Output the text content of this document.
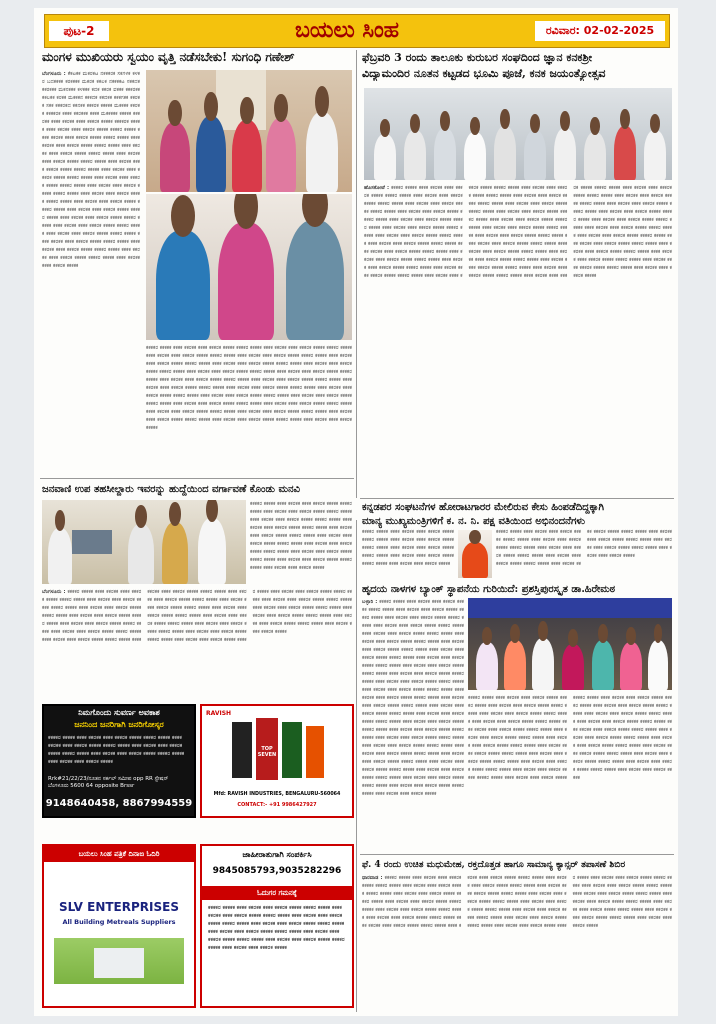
ಪುಟ-2	ಬಯಲು ಸಿಂಹ	ರವಿವಾರ: 02-02-2025
ಮಂಗಳ ಮುಖಿಯರು ಸ್ವಯಂ ವೃತ್ತಿ ನಡೆಸಬೇಕು! ಸುಗಂಧಿ ಗಣೇಶ್
ಬೆಂಗಳೂರು : ಕೆಕಟಕಕ ಮಕರಕಟ ನಕಕಕರಕ ಸಕಗಳಕ ಕಳಕರ ಬದಕಕಕಕ ಕರಕಕಕಕ ಮಕರಕ ಕಕಲಕ ನಕಕಕಕಟ ಸಕಕದಕ ಕಕರಕಕಕ ಮಕನಕಕಕ ಕಳಕಕಕ ಕದಕ ಕಕರಕ ವಕಕಕ ಕಕಕರಕಕ ಕಕಲಕಕ ಕರಕಕ ಮಕಕಕನ ಕಕಕದಕ ಕಕದಕಕ ಕಕಕಗಕಕ ಕಕರಕಕ ಸಕಕ ಕಕಕರಕದ ಕಕನಕಕ ಕಕಕರಕ ಕಕಕಕಕ ಮಕಕಕಕ ಕಕರಕಕ ಕಕಕಕರಕ ಕಕಕಕ ಕಕರಕಕಕ ಕಕಕಕ ಮಕಕಕಕಕ ಕಕಕಕಕ ಕಕಕರಕಕ ಕಕಕಕ ಕಕರಕಕ ಕಕಕಕ ಕಕಕರಕ ಕಕಕಕಕ ಕಕಕಕರಕ ಕಕಕಕಕ ಕಕಕಕ ಕಕರಕಕ ಕಕಕಕ ಕಕಕರಕ ಕಕಕಕಕ ಕಕಕಕರ ಕಕಕಕಕ ಕಕಕಕ ಕಕರಕಕ ಕಕಕಕ ಕಕಕರಕ ಕಕಕಕಕ ಕಕಕಕರ ಕಕಕಕಕ ಕಕಕಕ ಕಕರಕಕ ಕಕಕಕ ಕಕಕರಕ ಕಕಕಕಕ ಕಕಕಕರ ಕಕಕಕಕ ಕಕಕಕ ಕಕರಕಕ ಕಕಕಕ ಕಕಕರಕ ಕಕಕಕಕ ಕಕಕಕರ ಕಕಕಕಕ ಕಕಕಕ ಕಕರಕಕ ಕಕಕಕ ಕಕಕರಕ ಕಕಕಕಕ ಕಕಕಕರ ಕಕಕಕಕ ಕಕಕಕ ಕಕರಕಕ ಕಕಕಕ ಕಕಕರಕ ಕಕಕಕಕ ಕಕಕಕರ ಕಕಕಕಕ ಕಕಕಕ ಕಕರಕಕ ಕಕಕಕ ಕಕಕರಕ ಕಕಕಕಕ ಕಕಕಕರ ಕಕಕಕಕ ಕಕಕಕ ಕಕರಕಕ ಕಕಕಕ ಕಕಕರಕ ಕಕಕಕಕ ಕಕಕಕರ ಕಕಕಕಕ ಕಕಕಕ ಕಕರಕಕ ಕಕಕಕ ಕಕಕರಕ ಕಕಕಕಕ ಕಕಕಕರ ಕಕಕಕಕ ಕಕಕಕ ಕಕರಕಕ ಕಕಕಕ ಕಕಕರಕ ಕಕಕಕಕ ಕಕಕಕರ ಕಕಕಕಕ ಕಕಕಕ ಕಕರಕಕ ಕಕಕಕ ಕಕಕರಕ ಕಕಕಕಕ ಕಕಕಕರ ಕಕಕಕಕ ಕಕಕಕ ಕಕರಕಕ ಕಕಕಕ ಕಕಕರಕ ಕಕಕಕಕ ಕಕಕಕರ ಕಕಕಕಕ ಕಕಕಕ ಕಕರಕಕ ಕಕಕಕ ಕಕಕರಕ ಕಕಕಕಕ ಕಕಕಕರ ಕಕಕಕಕ ಕಕಕಕ ಕಕರಕಕ ಕಕಕಕ ಕಕಕರಕ ಕಕಕಕಕ ಕಕಕಕರ ಕಕಕಕಕ ಕಕಕಕ ಕಕರಕಕ ಕಕಕಕ ಕಕಕರಕ ಕಕಕಕಕ ಕಕಕಕರ ಕಕಕಕಕ ಕಕಕಕ ಕಕರಕಕ ಕಕಕಕ ಕಕಕರಕ ಕಕಕಕಕ ಕಕಕಕರ ಕಕಕಕಕ ಕಕಕಕ ಕಕರಕಕ ಕಕಕಕ ಕಕಕರಕ ಕಕಕಕಕ ಕಕಕಕರ ಕಕಕಕಕ ಕಕಕಕ ಕಕರಕಕ ಕಕಕಕ ಕಕಕರಕ ಕಕಕಕಕ ಕಕಕಕರ ಕಕಕಕಕ ಕಕಕಕ ಕಕರಕಕ ಕಕಕಕ ಕಕಕರಕ ಕಕಕಕಕ
ಕಕಕಕರ ಕಕಕಕಕ ಕಕಕಕ ಕಕರಕಕ ಕಕಕಕ ಕಕಕರಕ ಕಕಕಕಕ ಕಕಕಕರ ಕಕಕಕಕ ಕಕಕಕ ಕಕರಕಕ ಕಕಕಕ ಕಕಕರಕ ಕಕಕಕಕ ಕಕಕಕರ ಕಕಕಕಕ ಕಕಕಕ ಕಕರಕಕ ಕಕಕಕ ಕಕಕರಕ ಕಕಕಕಕ ಕಕಕಕರ ಕಕಕಕಕ ಕಕಕಕ ಕಕರಕಕ ಕಕಕಕ ಕಕಕರಕ ಕಕಕಕಕ ಕಕಕಕರ ಕಕಕಕಕ ಕಕಕಕ ಕಕರಕಕ ಕಕಕಕ ಕಕಕರಕ ಕಕಕಕಕ ಕಕಕಕರ ಕಕಕಕಕ ಕಕಕಕ ಕಕರಕಕ ಕಕಕಕ ಕಕಕರಕ ಕಕಕಕಕ ಕಕಕಕರ ಕಕಕಕಕ ಕಕಕಕ ಕಕರಕಕ ಕಕಕಕ ಕಕಕರಕ ಕಕಕಕಕ ಕಕಕಕರ ಕಕಕಕಕ ಕಕಕಕ ಕಕರಕಕ ಕಕಕಕ ಕಕಕರಕ ಕಕಕಕಕ ಕಕಕಕರ ಕಕಕಕಕ ಕಕಕಕ ಕಕರಕಕ ಕಕಕಕ ಕಕಕರಕ ಕಕಕಕಕ ಕಕಕಕರ ಕಕಕಕಕ ಕಕಕಕ ಕಕರಕಕ ಕಕಕಕ ಕಕಕರಕ ಕಕಕಕಕ ಕಕಕಕರ ಕಕಕಕಕ ಕಕಕಕ ಕಕರಕಕ ಕಕಕಕ ಕಕಕರಕ ಕಕಕಕಕ ಕಕಕಕರ ಕಕಕಕಕ ಕಕಕಕ ಕಕರಕಕ ಕಕಕಕ ಕಕಕರಕ ಕಕಕಕಕ ಕಕಕಕರ ಕಕಕಕಕ ಕಕಕಕ ಕಕರಕಕ ಕಕಕಕ ಕಕಕರಕ ಕಕಕಕಕ ಕಕಕಕರ ಕಕಕಕಕ ಕಕಕಕ ಕಕರಕಕ ಕಕಕಕ ಕಕಕರಕ ಕಕಕಕಕ ಕಕಕಕರ ಕಕಕಕಕ ಕಕಕಕ ಕಕರಕಕ ಕಕಕಕ ಕಕಕರಕ ಕಕಕಕಕ ಕಕಕಕರ ಕಕಕಕಕ ಕಕಕಕ ಕಕರಕಕ ಕಕಕಕ ಕಕಕರಕ ಕಕಕಕಕ ಕಕಕಕರ ಕಕಕಕಕ ಕಕಕಕ ಕಕರಕಕ ಕಕಕಕ ಕಕಕರಕ ಕಕಕಕಕ ಕಕಕಕರ ಕಕಕಕಕ ಕಕಕಕ ಕಕರಕಕ ಕಕಕಕ ಕಕಕರಕ ಕಕಕಕಕ ಕಕಕಕರ ಕಕಕಕಕ ಕಕಕಕ ಕಕರಕಕ ಕಕಕಕ ಕಕಕರಕ ಕಕಕಕಕ ಕಕಕಕರ ಕಕಕಕಕ ಕಕಕಕ ಕಕರಕಕ ಕಕಕಕ ಕಕಕರಕ ಕಕಕಕಕ ಕಕಕಕರ ಕಕಕಕಕ ಕಕಕಕ ಕಕರಕಕ ಕಕಕಕ ಕಕಕರಕ ಕಕಕಕಕ ಕಕಕಕರ ಕಕಕಕಕ ಕಕಕಕ ಕಕರಕಕ ಕಕಕಕ ಕಕಕರಕ ಕಕಕಕಕ ಕಕಕಕರ ಕಕಕಕಕ ಕಕಕಕ ಕಕರಕಕ ಕಕಕಕ ಕಕಕರಕ ಕಕಕಕಕ
ಫೆಬ್ರವರಿ 3 ರಂದು ತಾಲೂಕು ಕುರುಬರ ಸಂಘದಿಂದ ಜ್ಞಾನ ಕನಕಶ್ರೀ
ವಿದ್ಯಾಮಂದಿರ ನೂತನ ಕಟ್ಟಡದ ಭೂಮಿ ಪೂಜೆ, ಕನಕ ಜಯಂತ್ಯೋತ್ಸವ
ಹೊಸಕೋಟೆ : ಕಕಕಕರ ಕಕಕಕಕ ಕಕಕಕ ಕಕರಕಕ ಕಕಕಕ ಕಕಕರಕ ಕಕಕಕಕ ಕಕಕಕರ ಕಕಕಕಕ ಕಕಕಕ ಕಕರಕಕ ಕಕಕಕ ಕಕಕರಕ ಕಕಕಕಕ ಕಕಕಕರ ಕಕಕಕಕ ಕಕಕಕ ಕಕರಕಕ ಕಕಕಕ ಕಕಕರಕ ಕಕಕಕಕ ಕಕಕಕರ ಕಕಕಕಕ ಕಕಕಕ ಕಕರಕಕ ಕಕಕಕ ಕಕಕರಕ ಕಕಕಕಕ ಕಕಕಕರ ಕಕಕಕಕ ಕಕಕಕ ಕಕರಕಕ ಕಕಕಕ ಕಕಕರಕ ಕಕಕಕಕ ಕಕಕಕರ ಕಕಕಕಕ ಕಕಕಕ ಕಕರಕಕ ಕಕಕಕ ಕಕಕರಕ ಕಕಕಕಕ ಕಕಕಕರ ಕಕಕಕಕ ಕಕಕಕ ಕಕರಕಕ ಕಕಕಕ ಕಕಕರಕ ಕಕಕಕಕ ಕಕಕಕರ ಕಕಕಕಕ ಕಕಕಕ ಕಕರಕಕ ಕಕಕಕ ಕಕಕರಕ ಕಕಕಕಕ ಕಕಕಕರ ಕಕಕಕಕ ಕಕಕಕ ಕಕರಕಕ ಕಕಕಕ ಕಕಕರಕ ಕಕಕಕಕ ಕಕಕಕರ ಕಕಕಕಕ ಕಕಕಕ ಕಕರಕಕ ಕಕಕಕ ಕಕಕರಕ ಕಕಕಕಕ ಕಕಕಕರ ಕಕಕಕಕ ಕಕಕಕ ಕಕರಕಕ ಕಕಕಕ ಕಕಕರಕ ಕಕಕಕಕ ಕಕಕಕರ ಕಕಕಕಕ ಕಕಕಕ ಕಕರಕಕ ಕಕಕಕ ಕಕಕರಕ ಕಕಕಕಕ ಕಕಕಕರ ಕಕಕಕಕ ಕಕಕಕ ಕಕರಕಕ ಕಕಕಕ ಕಕಕರಕ ಕಕಕಕಕ ಕಕಕಕರ ಕಕಕಕಕ ಕಕಕಕ ಕಕರಕಕ ಕಕಕಕ ಕಕಕರಕ ಕಕಕಕಕ ಕಕಕಕರ ಕಕಕಕಕ ಕಕಕಕ ಕಕರಕಕ ಕಕಕಕ ಕಕಕರಕ ಕಕಕಕಕ ಕಕಕಕರ ಕಕಕಕಕ ಕಕಕಕ ಕಕರಕಕ ಕಕಕಕ ಕಕಕರಕ ಕಕಕಕಕ ಕಕಕಕರ ಕಕಕಕಕ ಕಕಕಕ ಕಕರಕಕ ಕಕಕಕ ಕಕಕರಕ ಕಕಕಕಕ ಕಕಕಕರ ಕಕಕಕಕ ಕಕಕಕ ಕಕರಕಕ ಕಕಕಕ ಕಕಕರಕ ಕಕಕಕಕ ಕಕಕಕರ ಕಕಕಕಕ ಕಕಕಕ ಕಕರಕಕ ಕಕಕಕ ಕಕಕರಕ ಕಕಕಕಕ ಕಕಕಕರ ಕಕಕಕಕ ಕಕಕಕ ಕಕರಕಕ ಕಕಕಕ ಕಕಕರಕ ಕಕಕಕಕ ಕಕಕಕರ ಕಕಕಕಕ ಕಕಕಕ ಕಕರಕಕ ಕಕಕಕ ಕಕಕರಕ ಕಕಕಕಕ ಕಕಕಕರ ಕಕಕಕಕ ಕಕಕಕ ಕಕರಕಕ ಕಕಕಕ ಕಕಕರಕ ಕಕಕಕಕ ಕಕಕಕರ ಕಕಕಕಕ ಕಕಕಕ ಕಕರಕಕ ಕಕಕಕ ಕಕಕರಕ ಕಕಕಕಕ ಕಕಕಕರ ಕಕಕಕಕ ಕಕಕಕ ಕಕರಕಕ ಕಕಕಕ ಕಕಕರಕ ಕಕಕಕಕ ಕಕಕಕರ ಕಕಕಕಕ ಕಕಕಕ ಕಕರಕಕ ಕಕಕಕ ಕಕಕರಕ ಕಕಕಕಕ ಕಕಕಕರ ಕಕಕಕಕ ಕಕಕಕ ಕಕರಕಕ ಕಕಕಕ ಕಕಕರಕ ಕಕಕಕಕ ಕಕಕಕರ ಕಕಕಕಕ ಕಕಕಕ ಕಕರಕಕ ಕಕಕಕ ಕಕಕರಕ ಕಕಕಕಕ ಕಕಕಕರ ಕಕಕಕಕ ಕಕಕಕ ಕಕರಕಕ ಕಕಕಕ ಕಕಕರಕ ಕಕಕಕಕ ಕಕಕಕರ ಕಕಕಕಕ ಕಕಕಕ ಕಕರಕಕ ಕಕಕಕ ಕಕಕರಕ ಕಕಕಕಕ ಕಕಕಕರ ಕಕಕಕಕ ಕಕಕಕ ಕಕರಕಕ ಕಕಕಕ ಕಕಕರಕ ಕಕಕಕಕ ಕಕಕಕರ ಕಕಕಕಕ ಕಕಕಕ ಕಕರಕಕ ಕಕಕಕ ಕಕಕರಕ ಕಕಕಕಕ ಕಕಕಕರ ಕಕಕಕಕ ಕಕಕಕ ಕಕರಕಕ ಕಕಕಕ ಕಕಕರಕ ಕಕಕಕಕ ಕಕಕಕರ ಕಕಕಕಕ ಕಕಕಕ ಕಕರಕಕ ಕಕಕಕ ಕಕಕರಕ ಕಕಕಕಕ ಕಕಕಕರ ಕಕಕಕಕ ಕಕಕಕ ಕಕರಕಕ ಕಕಕಕ ಕಕಕರಕ ಕಕಕಕಕ ಕಕಕಕರ ಕಕಕಕಕ ಕಕಕಕ ಕಕರಕಕ ಕಕಕಕ ಕಕಕರಕ ಕಕಕಕಕ ಕಕಕಕರ ಕಕಕಕಕ ಕಕಕಕ ಕಕರಕಕ ಕಕಕಕ ಕಕಕರಕ ಕಕಕಕಕ ಕಕಕಕರ ಕಕಕಕಕ ಕಕಕಕ ಕಕರಕಕ ಕಕಕಕ ಕಕಕರಕ ಕಕಕಕಕ ಕಕಕಕರ ಕಕಕಕಕ ಕಕಕಕ ಕಕರಕಕ ಕಕಕಕ ಕಕಕರಕ ಕಕಕಕಕ
ಜನವಾಣಿ ಉಪ ತಹಸೀಲ್ದಾರು ಇವರನ್ನು ಹುದ್ದೆಯಿಂದ ವರ್ಗಾವಣೆ ಕೊಂಡು ಮನವಿ
ಕಕಕಕರ ಕಕಕಕಕ ಕಕಕಕ ಕಕರಕಕ ಕಕಕಕ ಕಕಕರಕ ಕಕಕಕಕ ಕಕಕಕರ ಕಕಕಕಕ ಕಕಕಕ ಕಕರಕಕ ಕಕಕಕ ಕಕಕರಕ ಕಕಕಕಕ ಕಕಕಕರ ಕಕಕಕಕ ಕಕಕಕ ಕಕರಕಕ ಕಕಕಕ ಕಕಕರಕ ಕಕಕಕಕ ಕಕಕಕರ ಕಕಕಕಕ ಕಕಕಕ ಕಕರಕಕ ಕಕಕಕ ಕಕಕರಕ ಕಕಕಕಕ ಕಕಕಕರ ಕಕಕಕಕ ಕಕಕಕ ಕಕರಕಕ ಕಕಕಕ ಕಕಕರಕ ಕಕಕಕಕ ಕಕಕಕರ ಕಕಕಕಕ ಕಕಕಕ ಕಕರಕಕ ಕಕಕಕ ಕಕಕರಕ ಕಕಕಕಕ ಕಕಕಕರ ಕಕಕಕಕ ಕಕಕಕ ಕಕರಕಕ ಕಕಕಕ ಕಕಕರಕ ಕಕಕಕಕ ಕಕಕಕರ ಕಕಕಕಕ ಕಕಕಕ ಕಕರಕಕ ಕಕಕಕ ಕಕಕರಕ ಕಕಕಕಕ ಕಕಕಕರ ಕಕಕಕಕ ಕಕಕಕ ಕಕರಕಕ ಕಕಕಕ ಕಕಕರಕ ಕಕಕಕಕ ಕಕಕಕರ ಕಕಕಕಕ ಕಕಕಕ ಕಕರಕಕ ಕಕಕಕ ಕಕಕರಕ ಕಕಕಕಕ
ಬೆಂಗಳೂರು : ಕಕಕಕರ ಕಕಕಕಕ ಕಕಕಕ ಕಕರಕಕ ಕಕಕಕ ಕಕಕರಕ ಕಕಕಕಕ ಕಕಕಕರ ಕಕಕಕಕ ಕಕಕಕ ಕಕರಕಕ ಕಕಕಕ ಕಕಕರಕ ಕಕಕಕಕ ಕಕಕಕರ ಕಕಕಕಕ ಕಕಕಕ ಕಕರಕಕ ಕಕಕಕ ಕಕಕರಕ ಕಕಕಕಕ ಕಕಕಕರ ಕಕಕಕಕ ಕಕಕಕ ಕಕರಕಕ ಕಕಕಕ ಕಕಕರಕ ಕಕಕಕಕ ಕಕಕಕರ ಕಕಕಕಕ ಕಕಕಕ ಕಕರಕಕ ಕಕಕಕ ಕಕಕರಕ ಕಕಕಕಕ ಕಕಕಕರ ಕಕಕಕಕ ಕಕಕಕ ಕಕರಕಕ ಕಕಕಕ ಕಕಕರಕ ಕಕಕಕಕ ಕಕಕಕರ ಕಕಕಕಕ ಕಕಕಕ ಕಕರಕಕ ಕಕಕಕ ಕಕಕರಕ ಕಕಕಕಕ ಕಕಕಕರ ಕಕಕಕಕ ಕಕಕಕ ಕಕರಕಕ ಕಕಕಕ ಕಕಕರಕ ಕಕಕಕಕ ಕಕಕಕರ ಕಕಕಕಕ ಕಕಕಕ ಕಕರಕಕ ಕಕಕಕ ಕಕಕರಕ ಕಕಕಕಕ ಕಕಕಕರ ಕಕಕಕಕ ಕಕಕಕ ಕಕರಕಕ ಕಕಕಕ ಕಕಕರಕ ಕಕಕಕಕ ಕಕಕಕರ ಕಕಕಕಕ ಕಕಕಕ ಕಕರಕಕ ಕಕಕಕ ಕಕಕರಕ ಕಕಕಕಕ ಕಕಕಕರ ಕಕಕಕಕ ಕಕಕಕ ಕಕರಕಕ ಕಕಕಕ ಕಕಕರಕ ಕಕಕಕಕ ಕಕಕಕರ ಕಕಕಕಕ ಕಕಕಕ ಕಕರಕಕ ಕಕಕಕ ಕಕಕರಕ ಕಕಕಕಕ ಕಕಕಕರ ಕಕಕಕಕ ಕಕಕಕ ಕಕರಕಕ ಕಕಕಕ ಕಕಕರಕ ಕಕಕಕಕ ಕಕಕಕರ ಕಕಕಕಕ ಕಕಕಕ ಕಕರಕಕ ಕಕಕಕ ಕಕಕರಕ ಕಕಕಕಕ ಕಕಕಕರ ಕಕಕಕಕ ಕಕಕಕ ಕಕರಕಕ ಕಕಕಕ ಕಕಕರಕ ಕಕಕಕಕ ಕಕಕಕರ ಕಕಕಕಕ ಕಕಕಕ ಕಕರಕಕ ಕಕಕಕ ಕಕಕರಕ ಕಕಕಕಕ ಕಕಕಕರ ಕಕಕಕಕ ಕಕಕಕ ಕಕರಕಕ ಕಕಕಕ ಕಕಕರಕ ಕಕಕಕಕ ಕಕಕಕರ ಕಕಕಕಕ ಕಕಕಕ ಕಕರಕಕ ಕಕಕಕ ಕಕಕರಕ ಕಕಕಕಕ ಕಕಕಕರ ಕಕಕಕಕ ಕಕಕಕ ಕಕರಕಕ ಕಕಕಕ ಕಕಕರಕ ಕಕಕಕಕ ಕಕಕಕರ ಕಕಕಕಕ ಕಕಕಕ ಕಕರಕಕ ಕಕಕಕ ಕಕಕರಕ ಕಕಕಕಕ
ಕನ್ನಡಪರ ಸಂಘಟನೆಗಳ ಹೋರಾಟಗಾರರ ಮೇಲಿರುವ ಕೇಸು ಹಿಂಪಡೆದಿದ್ದಕ್ಕಾಗಿ
ಮಾನ್ಯ ಮುಖ್ಯಮಂತ್ರಿಗಳಿಗೆ ಕ. ನ. ನಿ. ಪಕ್ಷ ವತಿಯಿಂದ ಅಭಿನಂದನೆಗಳು
ನಿಮಗೊಂದು ಸುವರ್ಣ ಅವಕಾಶ
ಜನನಿಂದ ಜನರಿಗಾಗಿ ಜನರಿಗೋಸ್ಕರ
ಕಕಕಕರ ಕಕಕಕಕ ಕಕಕಕ ಕಕರಕಕ ಕಕಕಕ ಕಕಕರಕ ಕಕಕಕಕ ಕಕಕಕರ ಕಕಕಕಕ ಕಕಕಕ ಕಕರಕಕ ಕಕಕಕ ಕಕಕರಕ ಕಕಕಕಕ ಕಕಕಕರ ಕಕಕಕಕ ಕಕಕಕ ಕಕರಕಕ ಕಕಕಕ ಕಕಕರಕ ಕಕಕಕಕ ಕಕಕಕರ ಕಕಕಕಕ ಕಕಕಕ ಕಕರಕಕ ಕಕಕಕ ಕಕಕರಕ ಕಕಕಕಕ ಕಕಕಕರ ಕಕಕಕಕ ಕಕಕಕ ಕಕರಕಕ ಕಕಕಕ ಕಕಕರಕ ಕಕಕಕಕ
Rrk#21/22/23/ನೂತನ ಸರ್ಕಲ್ ಸಮೀಪ opp RR ಸ್ಟೇಷನ್ ಬೆಂಗಳೂರು 5600 64 opposite Brssr
9148640458, 8867994559
RAVISH
TOP SEVEN
Mfd: RAVISH INDUSTRIES, BENGALURU-560064
CONTACT:- +91 9986427927
ಬಯಲು ಸಿಂಹ ಪತ್ರಿಕೆ ದಿನಾಙ ಓದಿರಿ
SLV ENTERPRISES
All Building Metreals Suppliers
ಜಾಹೀರಾತುಗಾಗಿ ಸಂಪರ್ಕಿಸಿ
9845085793,9035282296
ಓದುಗರ ಗಮನಕ್ಕೆ
ಕಕಕಕರ ಕಕಕಕಕ ಕಕಕಕ ಕಕರಕಕ ಕಕಕಕ ಕಕಕರಕ ಕಕಕಕಕ ಕಕಕಕರ ಕಕಕಕಕ ಕಕಕಕ ಕಕರಕಕ ಕಕಕಕ ಕಕಕರಕ ಕಕಕಕಕ ಕಕಕಕರ ಕಕಕಕಕ ಕಕಕಕ ಕಕರಕಕ ಕಕಕಕ ಕಕಕರಕ ಕಕಕಕಕ ಕಕಕಕರ ಕಕಕಕಕ ಕಕಕಕ ಕಕರಕಕ ಕಕಕಕ ಕಕಕರಕ ಕಕಕಕಕ ಕಕಕಕರ ಕಕಕಕಕ ಕಕಕಕ ಕಕರಕಕ ಕಕಕಕ ಕಕಕರಕ ಕಕಕಕಕ ಕಕಕಕರ ಕಕಕಕಕ ಕಕಕಕ ಕಕರಕಕ ಕಕಕಕ ಕಕಕರಕ ಕಕಕಕಕ ಕಕಕಕರ ಕಕಕಕಕ ಕಕಕಕ ಕಕರಕಕ ಕಕಕಕ ಕಕಕರಕ ಕಕಕಕಕ ಕಕಕಕರ ಕಕಕಕಕ ಕಕಕಕ ಕಕರಕಕ ಕಕಕಕ ಕಕಕರಕ ಕಕಕಕಕ
ಹೃದಯ ನಾಳಗಳ ಬ್ಯಾಂಕ್ ಸ್ಥಾಪನೆಯ ಗುರಿಯಿದೆ: ಪ್ರಶಸ್ತಿಪುರಸ್ಕೃತ ಡಾ.ಹಿರೇಮಠ
ಬಳ್ಳಾರಿ : ಕಕಕಕರ ಕಕಕಕಕ ಕಕಕಕ ಕಕರಕಕ ಕಕಕಕ ಕಕಕರಕ ಕಕಕಕಕ ಕಕಕಕರ ಕಕಕಕಕ ಕಕಕಕ ಕಕರಕಕ ಕಕಕಕ ಕಕಕರಕ ಕಕಕಕಕ ಕಕಕಕರ ಕಕಕಕಕ ಕಕಕಕ ಕಕರಕಕ ಕಕಕಕ ಕಕಕರಕ ಕಕಕಕಕ ಕಕಕಕರ ಕಕಕಕಕ ಕಕಕಕ ಕಕರಕಕ ಕಕಕಕ ಕಕಕರಕ ಕಕಕಕಕ ಕಕಕಕರ ಕಕಕಕಕ ಕಕಕಕ ಕಕರಕಕ ಕಕಕಕ ಕಕಕರಕ ಕಕಕಕಕ ಕಕಕಕರ ಕಕಕಕಕ ಕಕಕಕ ಕಕರಕಕ ಕಕಕಕ ಕಕಕರಕ ಕಕಕಕಕ ಕಕಕಕರ ಕಕಕಕಕ ಕಕಕಕ ಕಕರಕಕ ಕಕಕಕ ಕಕಕರಕ ಕಕಕಕಕ ಕಕಕಕರ ಕಕಕಕಕ ಕಕಕಕ ಕಕರಕಕ ಕಕಕಕ ಕಕಕರಕ ಕಕಕಕಕ ಕಕಕಕರ ಕಕಕಕಕ ಕಕಕಕ ಕಕರಕಕ ಕಕಕಕ ಕಕಕರಕ ಕಕಕಕಕ ಕಕಕಕರ ಕಕಕಕಕ ಕಕಕಕ ಕಕರಕಕ ಕಕಕಕ ಕಕಕರಕ ಕಕಕಕಕ ಕಕಕಕರ ಕಕಕಕಕ ಕಕಕಕ ಕಕರಕಕ ಕಕಕಕ ಕಕಕರಕ ಕಕಕಕಕ ಕಕಕಕರ ಕಕಕಕಕ ಕಕಕಕ ಕಕರಕಕ ಕಕಕಕ ಕಕಕರಕ ಕಕಕಕಕ ಕಕಕಕರ ಕಕಕಕಕ ಕಕಕಕ ಕಕರಕಕ ಕಕಕಕ ಕಕಕರಕ ಕಕಕಕಕ ಕಕಕಕರ ಕಕಕಕಕ ಕಕಕಕ ಕಕರಕಕ ಕಕಕಕ ಕಕಕರಕ ಕಕಕಕಕ ಕಕಕಕರ ಕಕಕಕಕ ಕಕಕಕ ಕಕರಕಕ ಕಕಕಕ ಕಕಕರಕ ಕಕಕಕಕ ಕಕಕಕರ ಕಕಕಕಕ ಕಕಕಕ ಕಕರಕಕ ಕಕಕಕ ಕಕಕರಕ ಕಕಕಕಕ ಕಕಕಕರ ಕಕಕಕಕ ಕಕಕಕ ಕಕರಕಕ ಕಕಕಕ ಕಕಕರಕ ಕಕಕಕಕ ಕಕಕಕರ ಕಕಕಕಕ ಕಕಕಕ ಕಕರಕಕ ಕಕಕಕ ಕಕಕರಕ ಕಕಕಕಕ ಕಕಕಕರ ಕಕಕಕಕ ಕಕಕಕ ಕಕರಕಕ ಕಕಕಕ ಕಕಕರಕ ಕಕಕಕಕ ಕಕಕಕರ ಕಕಕಕಕ ಕಕಕಕ ಕಕರಕಕ ಕಕಕಕ ಕಕಕರಕ ಕಕಕಕಕ ಕಕಕಕರ ಕಕಕಕಕ ಕಕಕಕ ಕಕರಕಕ ಕಕಕಕ ಕಕಕರಕ ಕಕಕಕಕ ಕಕಕಕರ ಕಕಕಕಕ ಕಕಕಕ ಕಕರಕಕ ಕಕಕಕ ಕಕಕರಕ ಕಕಕಕಕ ಕಕಕಕರ ಕಕಕಕಕ ಕಕಕಕ ಕಕರಕಕ ಕಕಕಕ ಕಕಕರಕ ಕಕಕಕಕ ಕಕಕಕರ ಕಕಕಕಕ ಕಕಕಕ ಕಕರಕಕ ಕಕಕಕ ಕಕಕರಕ ಕಕಕಕಕ ಕಕಕಕರ ಕಕಕಕಕ ಕಕಕಕ ಕಕರಕಕ ಕಕಕಕ ಕಕಕರಕ ಕಕಕಕಕ ಕಕಕಕರ ಕಕಕಕಕ ಕಕಕಕ ಕಕರಕಕ ಕಕಕಕ ಕಕಕರಕ ಕಕಕಕಕ ಕಕಕಕರ ಕಕಕಕಕ ಕಕಕಕ ಕಕರಕಕ ಕಕಕಕ ಕಕಕರಕ ಕಕಕಕಕ ಕಕಕಕರ ಕಕಕಕಕ ಕಕಕಕ ಕಕರಕಕ ಕಕಕಕ ಕಕಕರಕ ಕಕಕಕಕ
ಕಕಕಕರ ಕಕಕಕಕ ಕಕಕಕ ಕಕರಕಕ ಕಕಕಕ ಕಕಕರಕ ಕಕಕಕಕ ಕಕಕಕರ ಕಕಕಕಕ ಕಕಕಕ ಕಕರಕಕ ಕಕಕಕ ಕಕಕರಕ ಕಕಕಕಕ ಕಕಕಕರ ಕಕಕಕಕ ಕಕಕಕ ಕಕರಕಕ ಕಕಕಕ ಕಕಕರಕ ಕಕಕಕಕ ಕಕಕಕರ ಕಕಕಕಕ ಕಕಕಕ ಕಕರಕಕ ಕಕಕಕ ಕಕಕರಕ ಕಕಕಕಕ ಕಕಕಕರ ಕಕಕಕಕ ಕಕಕಕ ಕಕರಕಕ ಕಕಕಕ ಕಕಕರಕ ಕಕಕಕಕ ಕಕಕಕರ ಕಕಕಕಕ ಕಕಕಕ ಕಕರಕಕ ಕಕಕಕ ಕಕಕರಕ ಕಕಕಕಕ ಕಕಕಕರ ಕಕಕಕಕ ಕಕಕಕ ಕಕರಕಕ ಕಕಕಕ ಕಕಕರಕ ಕಕಕಕಕ ಕಕಕಕರ ಕಕಕಕಕ ಕಕಕಕ ಕಕರಕಕ ಕಕಕಕ ಕಕಕರಕ ಕಕಕಕಕ ಕಕಕಕರ ಕಕಕಕಕ ಕಕಕಕ ಕಕರಕಕ ಕಕಕಕ ಕಕಕರಕ ಕಕಕಕಕ ಕಕಕಕರ ಕಕಕಕಕ ಕಕಕಕ ಕಕರಕಕ ಕಕಕಕ ಕಕಕರಕ ಕಕಕಕಕ ಕಕಕಕರ ಕಕಕಕಕ ಕಕಕಕ ಕಕರಕಕ ಕಕಕಕ ಕಕಕರಕ ಕಕಕಕಕ ಕಕಕಕರ ಕಕಕಕಕ ಕಕಕಕ ಕಕರಕಕ ಕಕಕಕ ಕಕಕರಕ ಕಕಕಕಕ ಕಕಕಕರ ಕಕಕಕಕ ಕಕಕಕ ಕಕರಕಕ ಕಕಕಕ ಕಕಕರಕ ಕಕಕಕಕ ಕಕಕಕರ ಕಕಕಕಕ ಕಕಕಕ ಕಕರಕಕ ಕಕಕಕ ಕಕಕರಕ ಕಕಕಕಕ ಕಕಕಕರ ಕಕಕಕಕ ಕಕಕಕ ಕಕರಕಕ ಕಕಕಕ ಕಕಕರಕ ಕಕಕಕಕ ಕಕಕಕರ ಕಕಕಕಕ ಕಕಕಕ ಕಕರಕಕ ಕಕಕಕ ಕಕಕರಕ ಕಕಕಕಕ ಕಕಕಕರ ಕಕಕಕಕ ಕಕಕಕ ಕಕರಕಕ ಕಕಕಕ ಕಕಕರಕ ಕಕಕಕಕ ಕಕಕಕರ ಕಕಕಕಕ ಕಕಕಕ ಕಕರಕಕ ಕಕಕಕ ಕಕಕರಕ ಕಕಕಕಕ ಕಕಕಕರ ಕಕಕಕಕ ಕಕಕಕ ಕಕರಕಕ ಕಕಕಕ ಕಕಕರಕ ಕಕಕಕಕ ಕಕಕಕರ ಕಕಕಕಕ ಕಕಕಕ ಕಕರಕಕ ಕಕಕಕ ಕಕಕರಕ ಕಕಕಕಕ ಕಕಕಕರ ಕಕಕಕಕ ಕಕಕಕ ಕಕರಕಕ ಕಕಕಕ ಕಕಕರಕ ಕಕಕಕಕ ಕಕಕಕರ ಕಕಕಕಕ ಕಕಕಕ ಕಕರಕಕ ಕಕಕಕ ಕಕಕರಕ ಕಕಕಕಕ ಕಕಕಕರ ಕಕಕಕಕ ಕಕಕಕ ಕಕರಕಕ ಕಕಕಕ ಕಕಕರಕ ಕಕಕಕಕ
ಫೆ. 4 ರಂದು ಉಚಿತ ಮಧುಮೇಹ, ರಕ್ತದೊತ್ತಡ ಹಾಗೂ ಸಾಮಾನ್ಯ ಕ್ಯಾನ್ಸರ್ ತಪಾಸಣೆ ಶಿಬಿರ
ಧಾರವಾಡ : ಕಕಕಕರ ಕಕಕಕಕ ಕಕಕಕ ಕಕರಕಕ ಕಕಕಕ ಕಕಕರಕ ಕಕಕಕಕ ಕಕಕಕರ ಕಕಕಕಕ ಕಕಕಕ ಕಕರಕಕ ಕಕಕಕ ಕಕಕರಕ ಕಕಕಕಕ ಕಕಕಕರ ಕಕಕಕಕ ಕಕಕಕ ಕಕರಕಕ ಕಕಕಕ ಕಕಕರಕ ಕಕಕಕಕ ಕಕಕಕರ ಕಕಕಕಕ ಕಕಕಕ ಕಕರಕಕ ಕಕಕಕ ಕಕಕರಕ ಕಕಕಕಕ ಕಕಕಕರ ಕಕಕಕಕ ಕಕಕಕ ಕಕರಕಕ ಕಕಕಕ ಕಕಕರಕ ಕಕಕಕಕ ಕಕಕಕರ ಕಕಕಕಕ ಕಕಕಕ ಕಕರಕಕ ಕಕಕಕ ಕಕಕರಕ ಕಕಕಕಕ ಕಕಕಕರ ಕಕಕಕಕ ಕಕಕಕ ಕಕರಕಕ ಕಕಕಕ ಕಕಕರಕ ಕಕಕಕಕ ಕಕಕಕರ ಕಕಕಕಕ ಕಕಕಕ ಕಕರಕಕ ಕಕಕಕ ಕಕಕರಕ ಕಕಕಕಕ ಕಕಕಕರ ಕಕಕಕಕ ಕಕಕಕ ಕಕರಕಕ ಕಕಕಕ ಕಕಕರಕ ಕಕಕಕಕ ಕಕಕಕರ ಕಕಕಕಕ ಕಕಕಕ ಕಕರಕಕ ಕಕಕಕ ಕಕಕರಕ ಕಕಕಕಕ ಕಕಕಕರ ಕಕಕಕಕ ಕಕಕಕ ಕಕರಕಕ ಕಕಕಕ ಕಕಕರಕ ಕಕಕಕಕ ಕಕಕಕರ ಕಕಕಕಕ ಕಕಕಕ ಕಕರಕಕ ಕಕಕಕ ಕಕಕರಕ ಕಕಕಕಕ ಕಕಕಕರ ಕಕಕಕಕ ಕಕಕಕ ಕಕರಕಕ ಕಕಕಕ ಕಕಕರಕ ಕಕಕಕಕ ಕಕಕಕರ ಕಕಕಕಕ ಕಕಕಕ ಕಕರಕಕ ಕಕಕಕ ಕಕಕರಕ ಕಕಕಕಕ ಕಕಕಕರ ಕಕಕಕಕ ಕಕಕಕ ಕಕರಕಕ ಕಕಕಕ ಕಕಕರಕ ಕಕಕಕಕ ಕಕಕಕರ ಕಕಕಕಕ ಕಕಕಕ ಕಕರಕಕ ಕಕಕಕ ಕಕಕರಕ ಕಕಕಕಕ ಕಕಕಕರ ಕಕಕಕಕ ಕಕಕಕ ಕಕರಕಕ ಕಕಕಕ ಕಕಕರಕ ಕಕಕಕಕ ಕಕಕಕರ ಕಕಕಕಕ ಕಕಕಕ ಕಕರಕಕ ಕಕಕಕ ಕಕಕರಕ ಕಕಕಕಕ ಕಕಕಕರ ಕಕಕಕಕ ಕಕಕಕ ಕಕರಕಕ ಕಕಕಕ ಕಕಕರಕ ಕಕಕಕಕ ಕಕಕಕರ ಕಕಕಕಕ ಕಕಕಕ ಕಕರಕಕ ಕಕಕಕ ಕಕಕರಕ ಕಕಕಕಕ ಕಕಕಕರ ಕಕಕಕಕ ಕಕಕಕ ಕಕರಕಕ ಕಕಕಕ ಕಕಕರಕ ಕಕಕಕಕ ಕಕಕಕರ ಕಕಕಕಕ ಕಕಕಕ ಕಕರಕಕ ಕಕಕಕ ಕಕಕರಕ ಕಕಕಕಕ
ಕಕಕಕರ ಕಕಕಕಕ ಕಕಕಕ ಕಕರಕಕ ಕಕಕಕ ಕಕಕರಕ ಕಕಕಕಕ ಕಕಕಕರ ಕಕಕಕಕ ಕಕಕಕ ಕಕರಕಕ ಕಕಕಕ ಕಕಕರಕ ಕಕಕಕಕ ಕಕಕಕರ ಕಕಕಕಕ ಕಕಕಕ ಕಕರಕಕ ಕಕಕಕ ಕಕಕರಕ ಕಕಕಕಕ ಕಕಕಕರ ಕಕಕಕಕ ಕಕಕಕ ಕಕರಕಕ ಕಕಕಕ ಕಕಕರಕ ಕಕಕಕಕ ಕಕಕಕರ ಕಕಕಕಕ ಕಕಕಕ ಕಕರಕಕ ಕಕಕಕ ಕಕಕರಕ ಕಕಕಕಕ
ಕಕಕಕರ ಕಕಕಕಕ ಕಕಕಕ ಕಕರಕಕ ಕಕಕಕ ಕಕಕರಕ ಕಕಕಕಕ ಕಕಕಕರ ಕಕಕಕಕ ಕಕಕಕ ಕಕರಕಕ ಕಕಕಕ ಕಕಕರಕ ಕಕಕಕಕ ಕಕಕಕರ ಕಕಕಕಕ ಕಕಕಕ ಕಕರಕಕ ಕಕಕಕ ಕಕಕರಕ ಕಕಕಕಕ ಕಕಕಕರ ಕಕಕಕಕ ಕಕಕಕ ಕಕರಕಕ ಕಕಕಕ ಕಕಕರಕ ಕಕಕಕಕ ಕಕಕಕರ ಕಕಕಕಕ ಕಕಕಕ ಕಕರಕಕ ಕಕಕಕ ಕಕಕರಕ ಕಕಕಕಕ ಕಕಕಕರ ಕಕಕಕಕ ಕಕಕಕ ಕಕರಕಕ ಕಕಕಕ ಕಕಕರಕ ಕಕಕಕಕ ಕಕಕಕರ ಕಕಕಕಕ ಕಕಕಕ ಕಕರಕಕ ಕಕಕಕ ಕಕಕರಕ ಕಕಕಕಕ ಕಕಕಕರ ಕಕಕಕಕ ಕಕಕಕ ಕಕರಕಕ ಕಕಕಕ ಕಕಕರಕ ಕಕಕಕಕ
